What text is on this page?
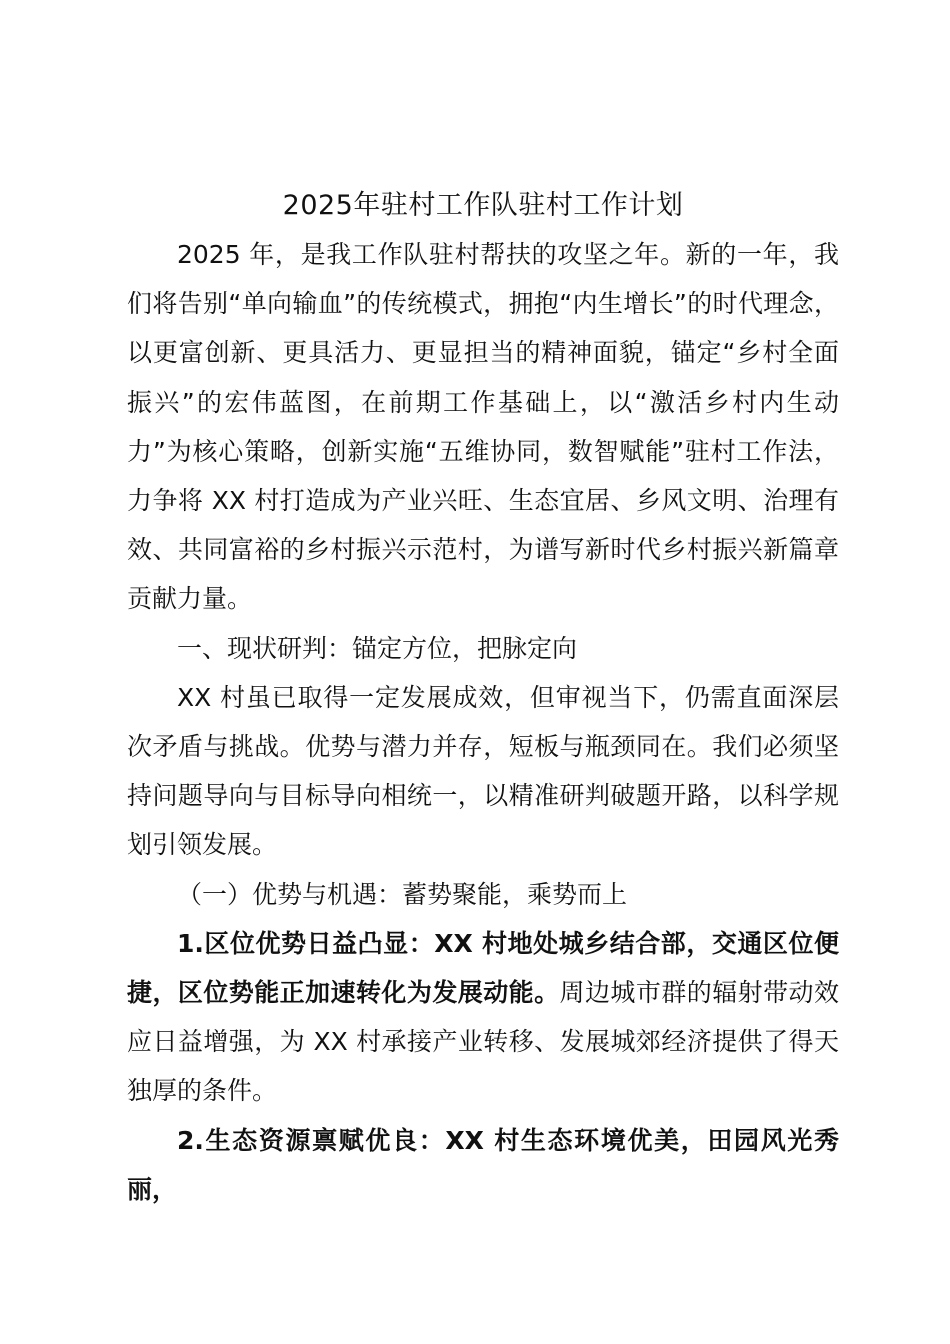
2025年驻村工作队驻村工作计划

2025 年，是我工作队驻村帮扶的攻坚之年。新的一年，我们将告别“单向输血”的传统模式，拥抱“内生增长”的时代理念，以更富创新、更具活力、更显担当的精神面貌，锚定“乡村全面振兴”的宏伟蓝图，在前期工作基础上，以“激活乡村内生动力”为核心策略，创新实施“五维协同，数智赋能”驻村工作法，力争将 XX 村打造成为产业兴旺、生态宜居、乡风文明、治理有效、共同富裕的乡村振兴示范村，为谱写新时代乡村振兴新篇章贡献力量。

一、现状研判：锚定方位，把脉定向

XX 村虽已取得一定发展成效，但审视当下，仍需直面深层次矛盾与挑战。优势与潜力并存，短板与瓶颈同在。我们必须坚持问题导向与目标导向相统一，以精准研判破题开路，以科学规划引领发展。

（一）优势与机遇：蓄势聚能，乘势而上

1.区位优势日益凸显：XX 村地处城乡结合部，交通区位便捷，区位势能正加速转化为发展动能。周边城市群的辐射带动效应日益增强，为 XX 村承接产业转移、发展城郊经济提供了得天独厚的条件。

2.生态资源禀赋优良：XX 村生态环境优美，田园风光秀丽，
